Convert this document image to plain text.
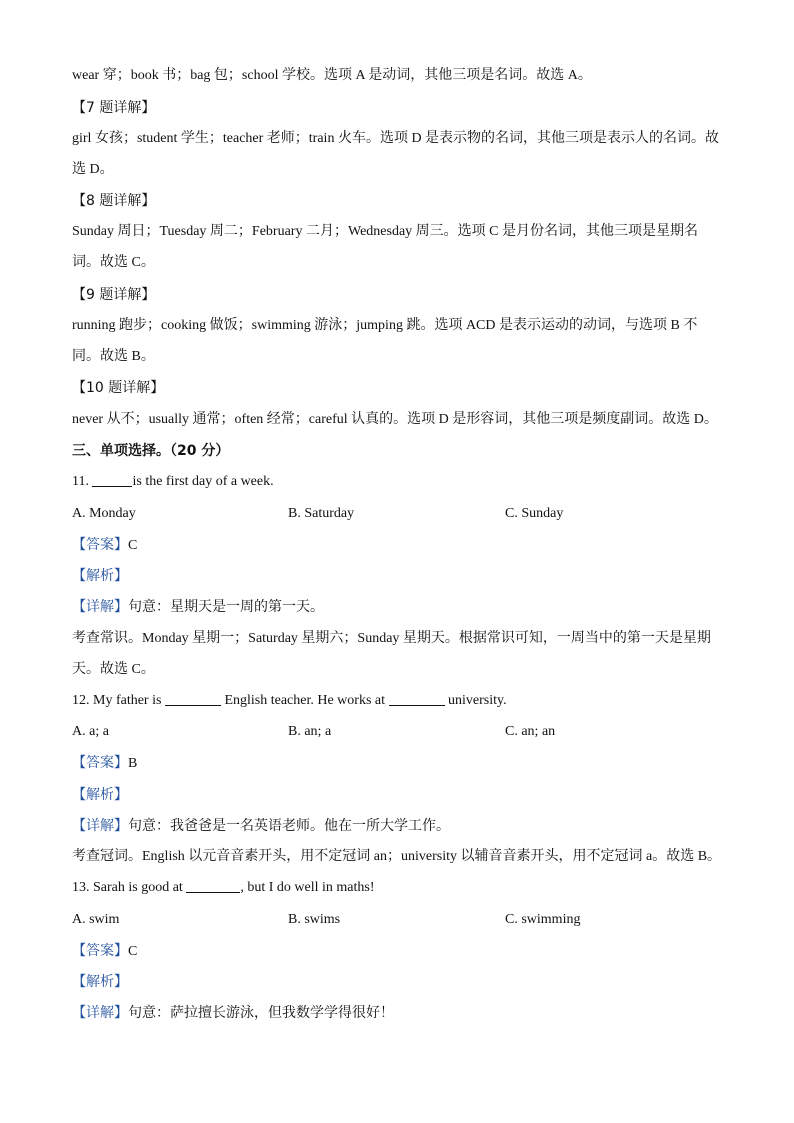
wear 穿；book 书；bag 包；school 学校。选项 A 是动词，其他三项是名词。故选 A。
【7 题详解】
girl 女孩；student 学生；teacher 老师；train 火车。选项 D 是表示物的名词，其他三项是表示人的名词。故
选 D。
【8 题详解】
Sunday 周日；Tuesday 周二；February 二月；Wednesday 周三。选项 C 是月份名词，其他三项是星期名
词。故选 C。
【9 题详解】
running 跑步；cooking 做饭；swimming 游泳；jumping 跳。选项 ACD 是表示运动的动词，与选项 B 不
同。故选 B。
【10 题详解】
never 从不；usually 通常；often 经常；careful 认真的。选项 D 是形容词，其他三项是频度副词。故选 D。
三、单项选择。（20 分）
11.	is the first day of a week.
A. Monday	B. Saturday	C. Sunday
【答案】C
【解析】
【详解】句意：星期天是一周的第一天。
考查常识。Monday 星期一；Saturday 星期六；Sunday 星期天。根据常识可知，一周当中的第一天是星期
天。故选 C。
12. My father is	English teacher. He works at	university.
A. a; a	B. an; a	C. an; an
【答案】B
【解析】
【详解】句意：我爸爸是一名英语老师。他在一所大学工作。
考查冠词。English 以元音音素开头，用不定冠词 an；university 以辅音音素开头，用不定冠词 a。故选 B。
13. Sarah is good at	, but I do well in maths!
A. swim	B. swims	C. swimming
【答案】C
【解析】
【详解】句意：萨拉擅长游泳，但我数学学得很好！
